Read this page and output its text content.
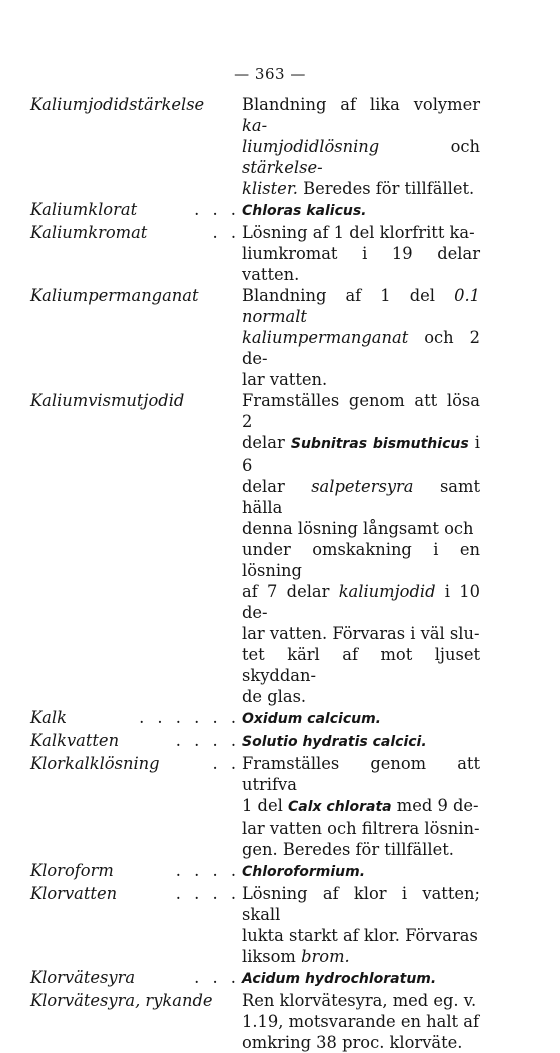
— 363 —
Kaliumjodidstärkelse Blandning af lika volymer ka-
liumjodidlösning och stärkelse-
klister. Beredes för tillfället.
Kaliumklorat	. . . Chloras kalicus.
Kaliumkromat	. . Lösning af 1 del klorfritt ka-
liumkromat i 19 delar vatten.
Kaliumpermanganat	Blandning af 1 del 0.1 normalt
kaliumpermanganat och 2 de-
lar vatten.
Kaliumvismutjodid	Framställes genom att lösa 2
delar Subnitras bismuthicus i 6
delar salpetersyra samt hälla
denna lösning långsamt och
under omskakning i en lösning
af 7 delar kaliumjodid i 10 de-
lar vatten. Förvaras i väl slu-
tet kärl af mot ljuset skyddan-
de glas.
Kalk	. . . . . . Oxidum calcicum.
Kalkvatten	. . . . Solutio hydratis calcici.
Klorkalklösning	. . Framställes genom att utrifva
1 del Calx chlorata med 9 de-
lar vatten och filtrera lösnin-
gen. Beredes för tillfället.
Kloroform	. . . . Chloroformium.
Klorvatten	. . . . Lösning af klor i vatten; skall
lukta starkt af klor. Förvaras
liksom brom.
Klorvätesyra	. . . Acidum hydrochloratum.
Klorvätesyra, rykande Ren klorvätesyra, med eg. v.
1.19, motsvarande en halt af
omkring 38 proc. klorväte.
